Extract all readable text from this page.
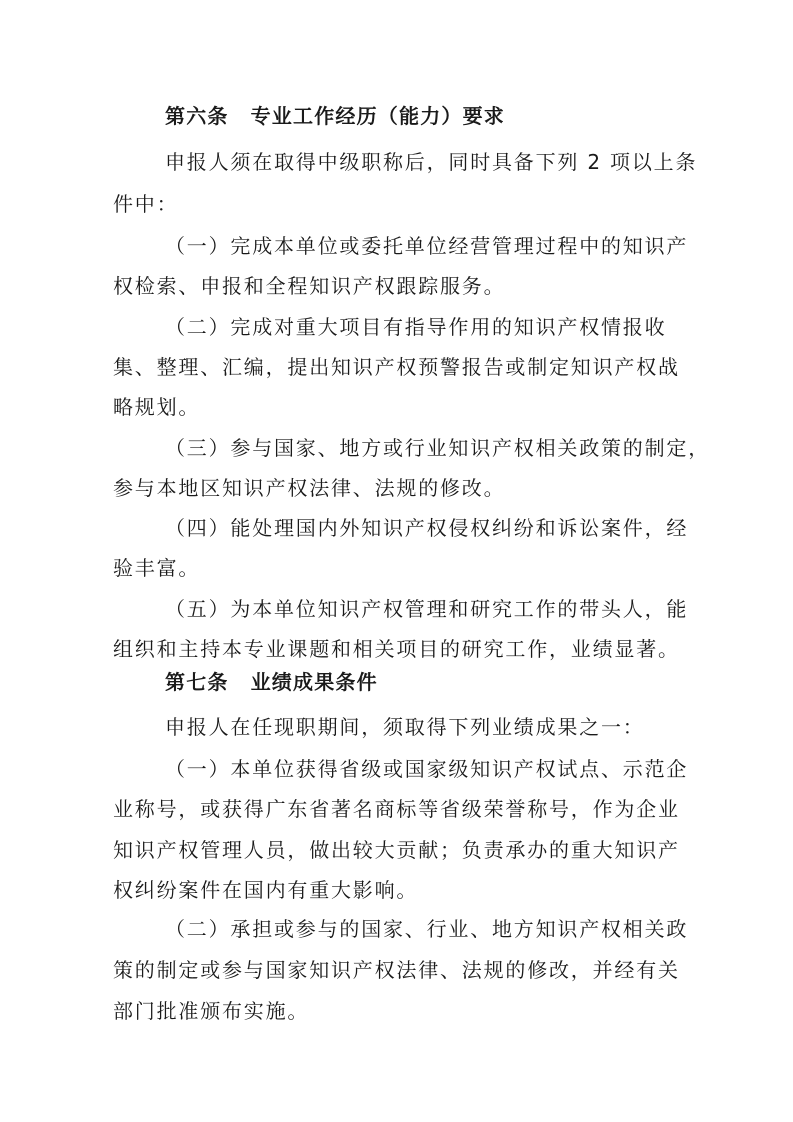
第六条 专业工作经历（能力）要求

申报人须在取得中级职称后，同时具备下列 2 项以上条

件中：

（一）完成本单位或委托单位经营管理过程中的知识产

权检索、申报和全程知识产权跟踪服务。

（二）完成对重大项目有指导作用的知识产权情报收

集、整理、汇编，提出知识产权预警报告或制定知识产权战

略规划。

（三）参与国家、地方或行业知识产权相关政策的制定，

参与本地区知识产权法律、法规的修改。

（四）能处理国内外知识产权侵权纠纷和诉讼案件，经

验丰富。

（五）为本单位知识产权管理和研究工作的带头人，能

组织和主持本专业课题和相关项目的研究工作，业绩显著。

第七条 业绩成果条件

申报人在任现职期间，须取得下列业绩成果之一：

（一）本单位获得省级或国家级知识产权试点、示范企

业称号，或获得广东省著名商标等省级荣誉称号，作为企业

知识产权管理人员，做出较大贡献；负责承办的重大知识产

权纠纷案件在国内有重大影响。

（二）承担或参与的国家、行业、地方知识产权相关政

策的制定或参与国家知识产权法律、法规的修改，并经有关

部门批准颁布实施。
